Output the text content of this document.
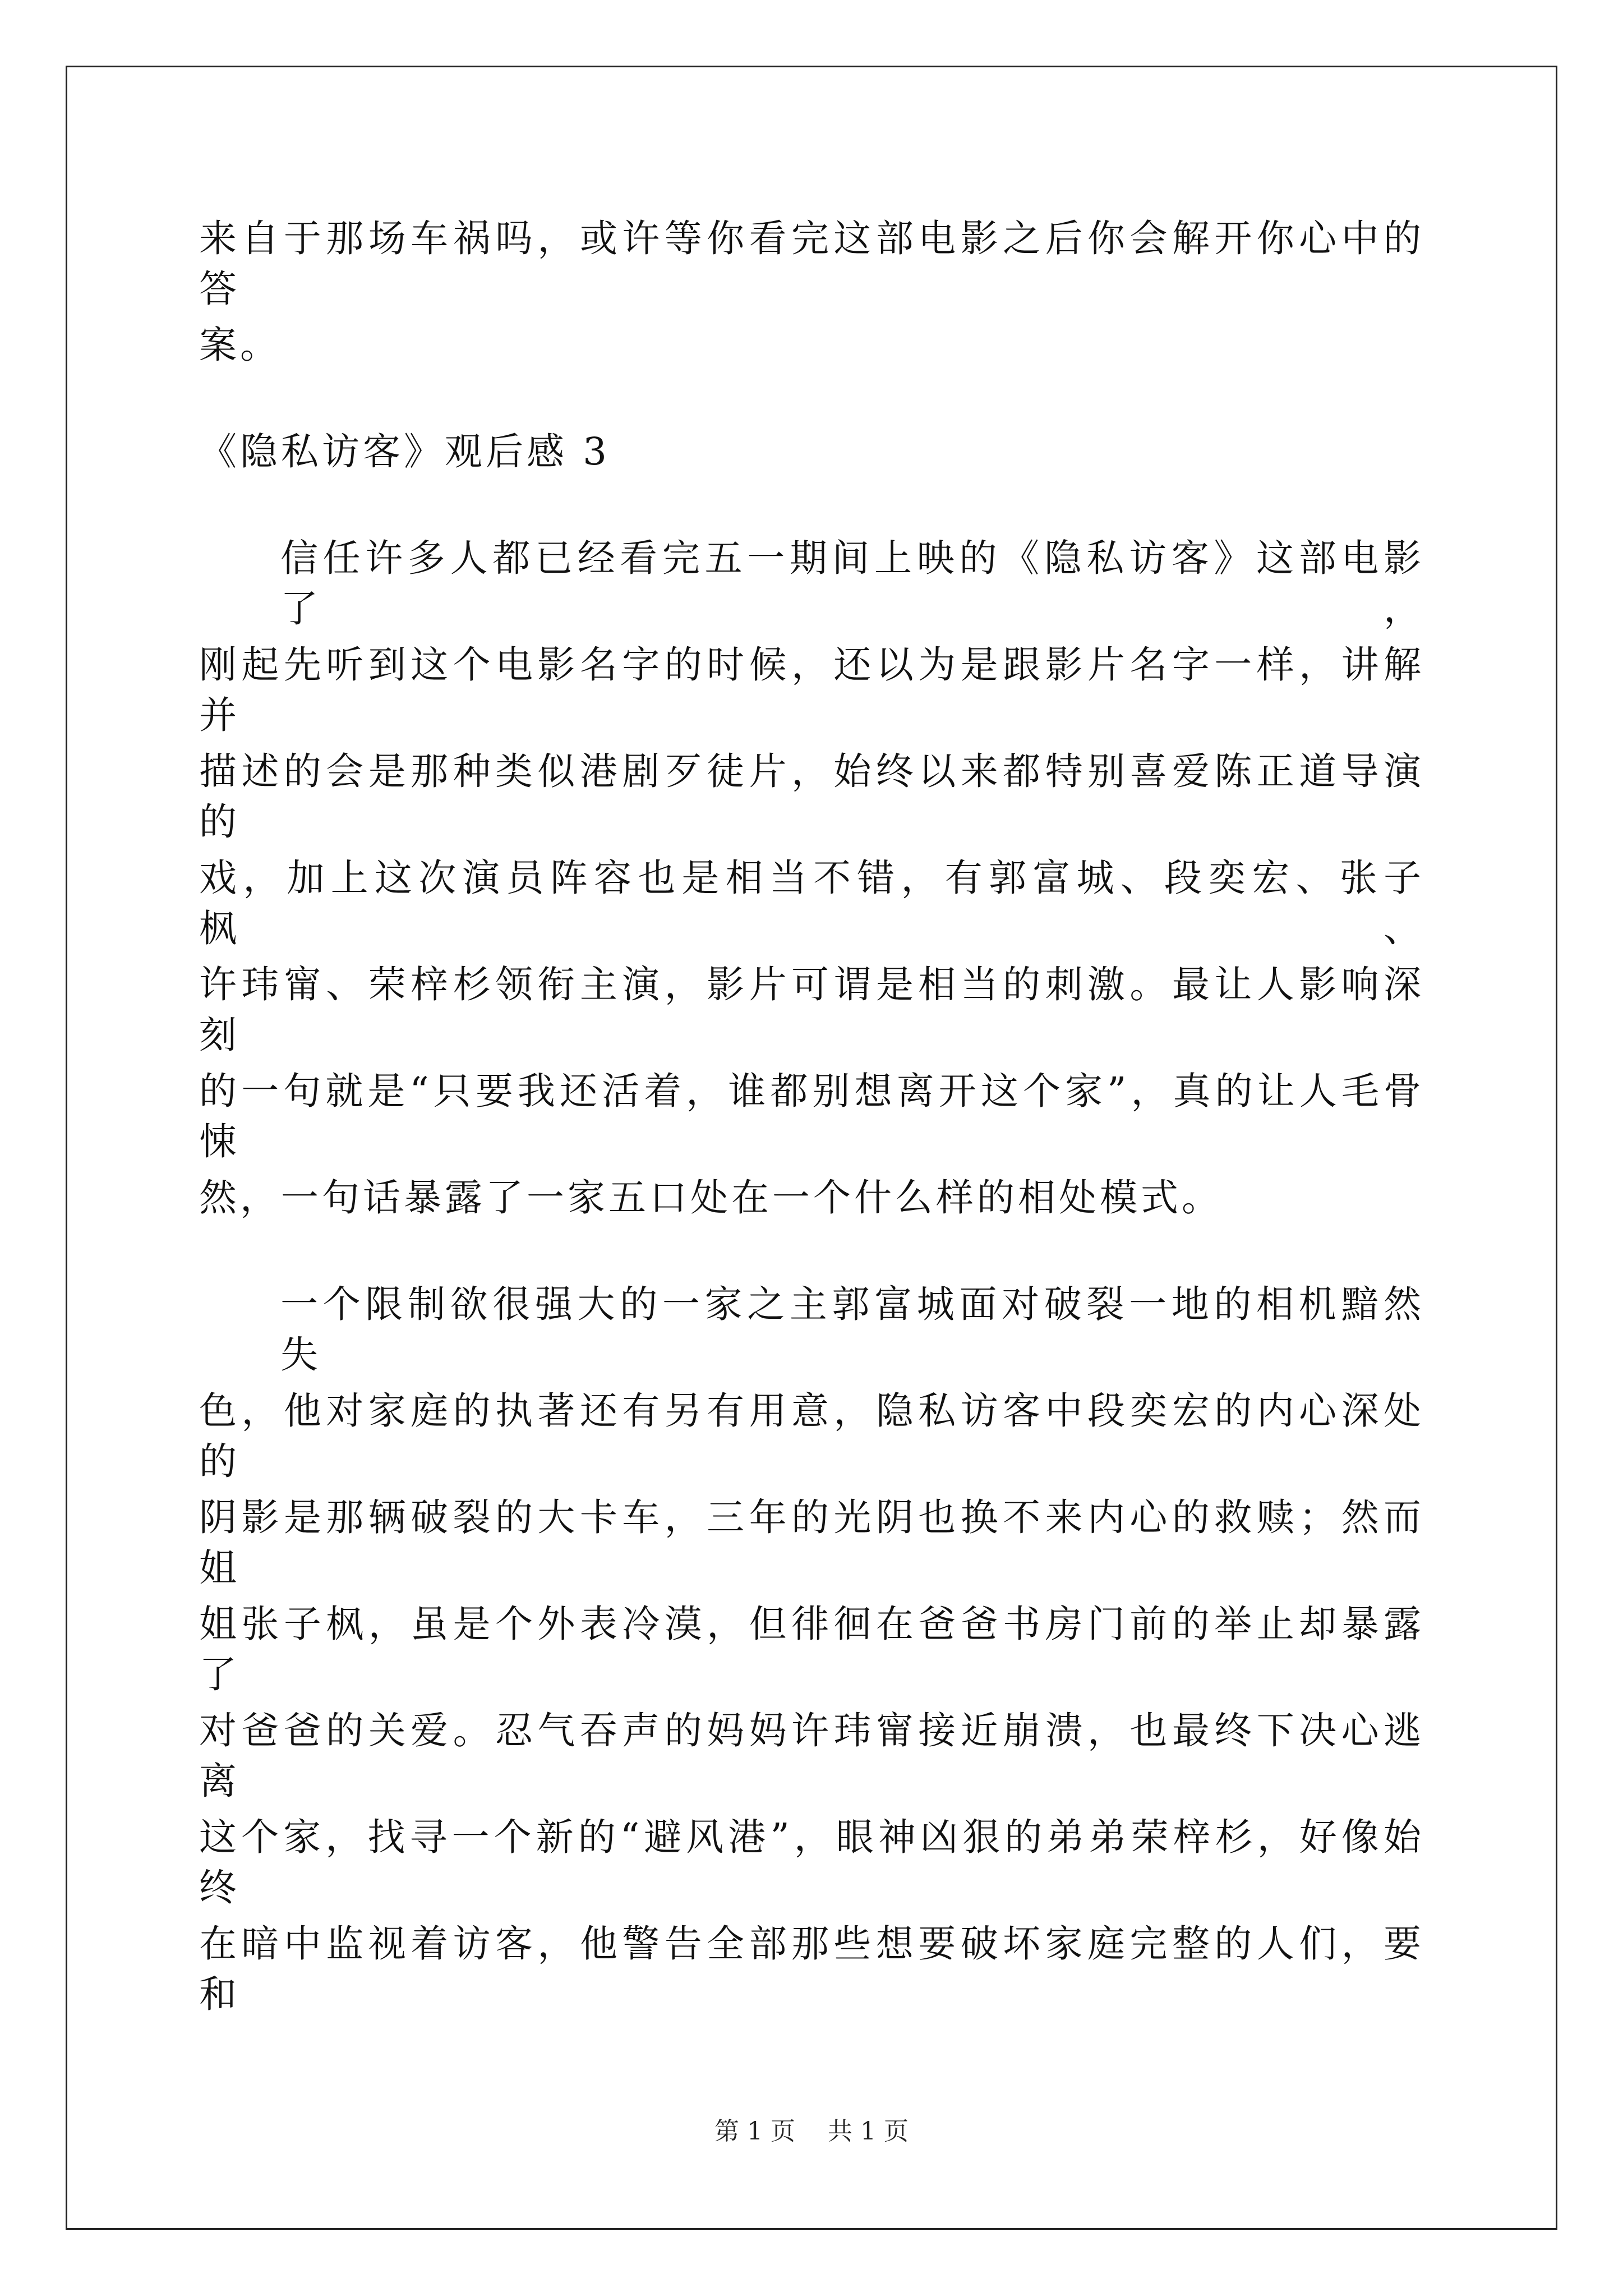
来自于那场车祸吗，或许等你看完这部电影之后你会解开你心中的答
案。
《隐私访客》观后感 3
信任许多人都已经看完五一期间上映的《隐私访客》这部电影了，
刚起先听到这个电影名字的时候，还以为是跟影片名字一样，讲解并
描述的会是那种类似港剧歹徒片，始终以来都特别喜爱陈正道导演的
戏，加上这次演员阵容也是相当不错，有郭富城、段奕宏、张子枫、
许玮甯、荣梓杉领衔主演，影片可谓是相当的刺激。最让人影响深刻
的一句就是“只要我还活着，谁都别想离开这个家”，真的让人毛骨悚
然，一句话暴露了一家五口处在一个什么样的相处模式。
一个限制欲很强大的一家之主郭富城面对破裂一地的相机黯然失
色，他对家庭的执著还有另有用意，隐私访客中段奕宏的内心深处的
阴影是那辆破裂的大卡车，三年的光阴也换不来内心的救赎；然而姐
姐张子枫，虽是个外表冷漠，但徘徊在爸爸书房门前的举止却暴露了
对爸爸的关爱。忍气吞声的妈妈许玮甯接近崩溃，也最终下决心逃离
这个家，找寻一个新的“避风港”，眼神凶狠的弟弟荣梓杉，好像始终
在暗中监视着访客，他警告全部那些想要破坏家庭完整的人们，要和
第 1 页 共 1 页
